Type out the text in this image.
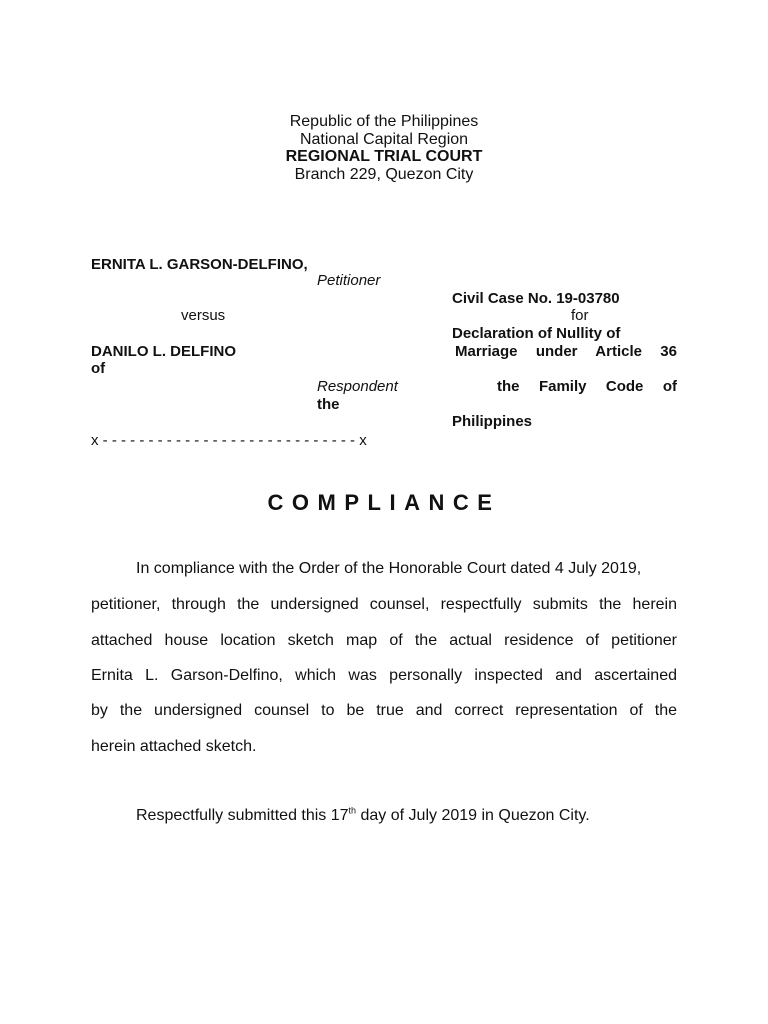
Republic of the Philippines
National Capital Region
REGIONAL TRIAL COURT
Branch 229, Quezon City
ERNITA L. GARSON-DELFINO,
Petitioner
versus
DANILO L. DELFINO
of
Respondent
the
Civil Case No. 19-03780
for
Declaration of Nullity of
Marriage under Article 36
the Family Code of
Philippines
x - - - - - - - - - - - - - - - - - - - - - - - - - - - - x
COMPLIANCE
In compliance with the Order of the Honorable Court dated 4 July 2019,
petitioner, through the undersigned counsel, respectfully submits the herein
attached house location sketch map of the actual residence of petitioner
Ernita L. Garson-Delfino, which was personally inspected and ascertained
by the undersigned counsel to be true and correct representation of the
herein attached sketch.
Respectfully submitted this 17th day of July 2019 in Quezon City.
